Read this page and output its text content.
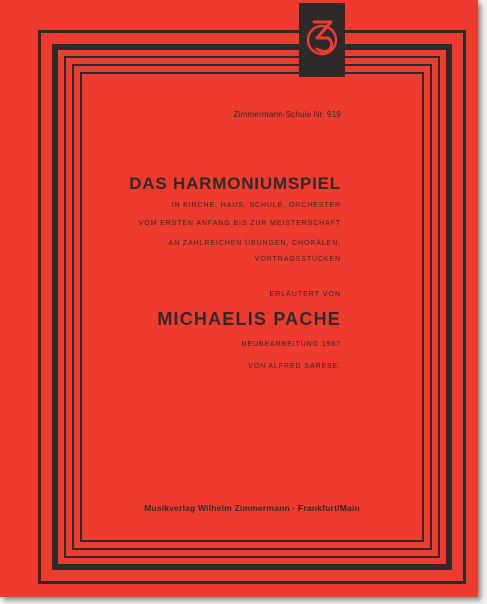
Zimmermann-Schule Nr. 919
DAS HARMONIUMSPIEL
IN KIRCHE, HAUS, SCHULE, ORCHESTER
VOM ERSTEN ANFANG BIS ZUR MEISTERSCHAFT
AN ZAHLREICHEN ÜBUNGEN, CHORÄLEN,
VORTRAGSSTÜCKEN
ERLÄUTERT VON
MICHAELIS PACHE
NEUBEARBEITUNG 1967
VON ALFRED SARESE.
Musikverlag Wilhelm Zimmermann · Frankfurt/Main
